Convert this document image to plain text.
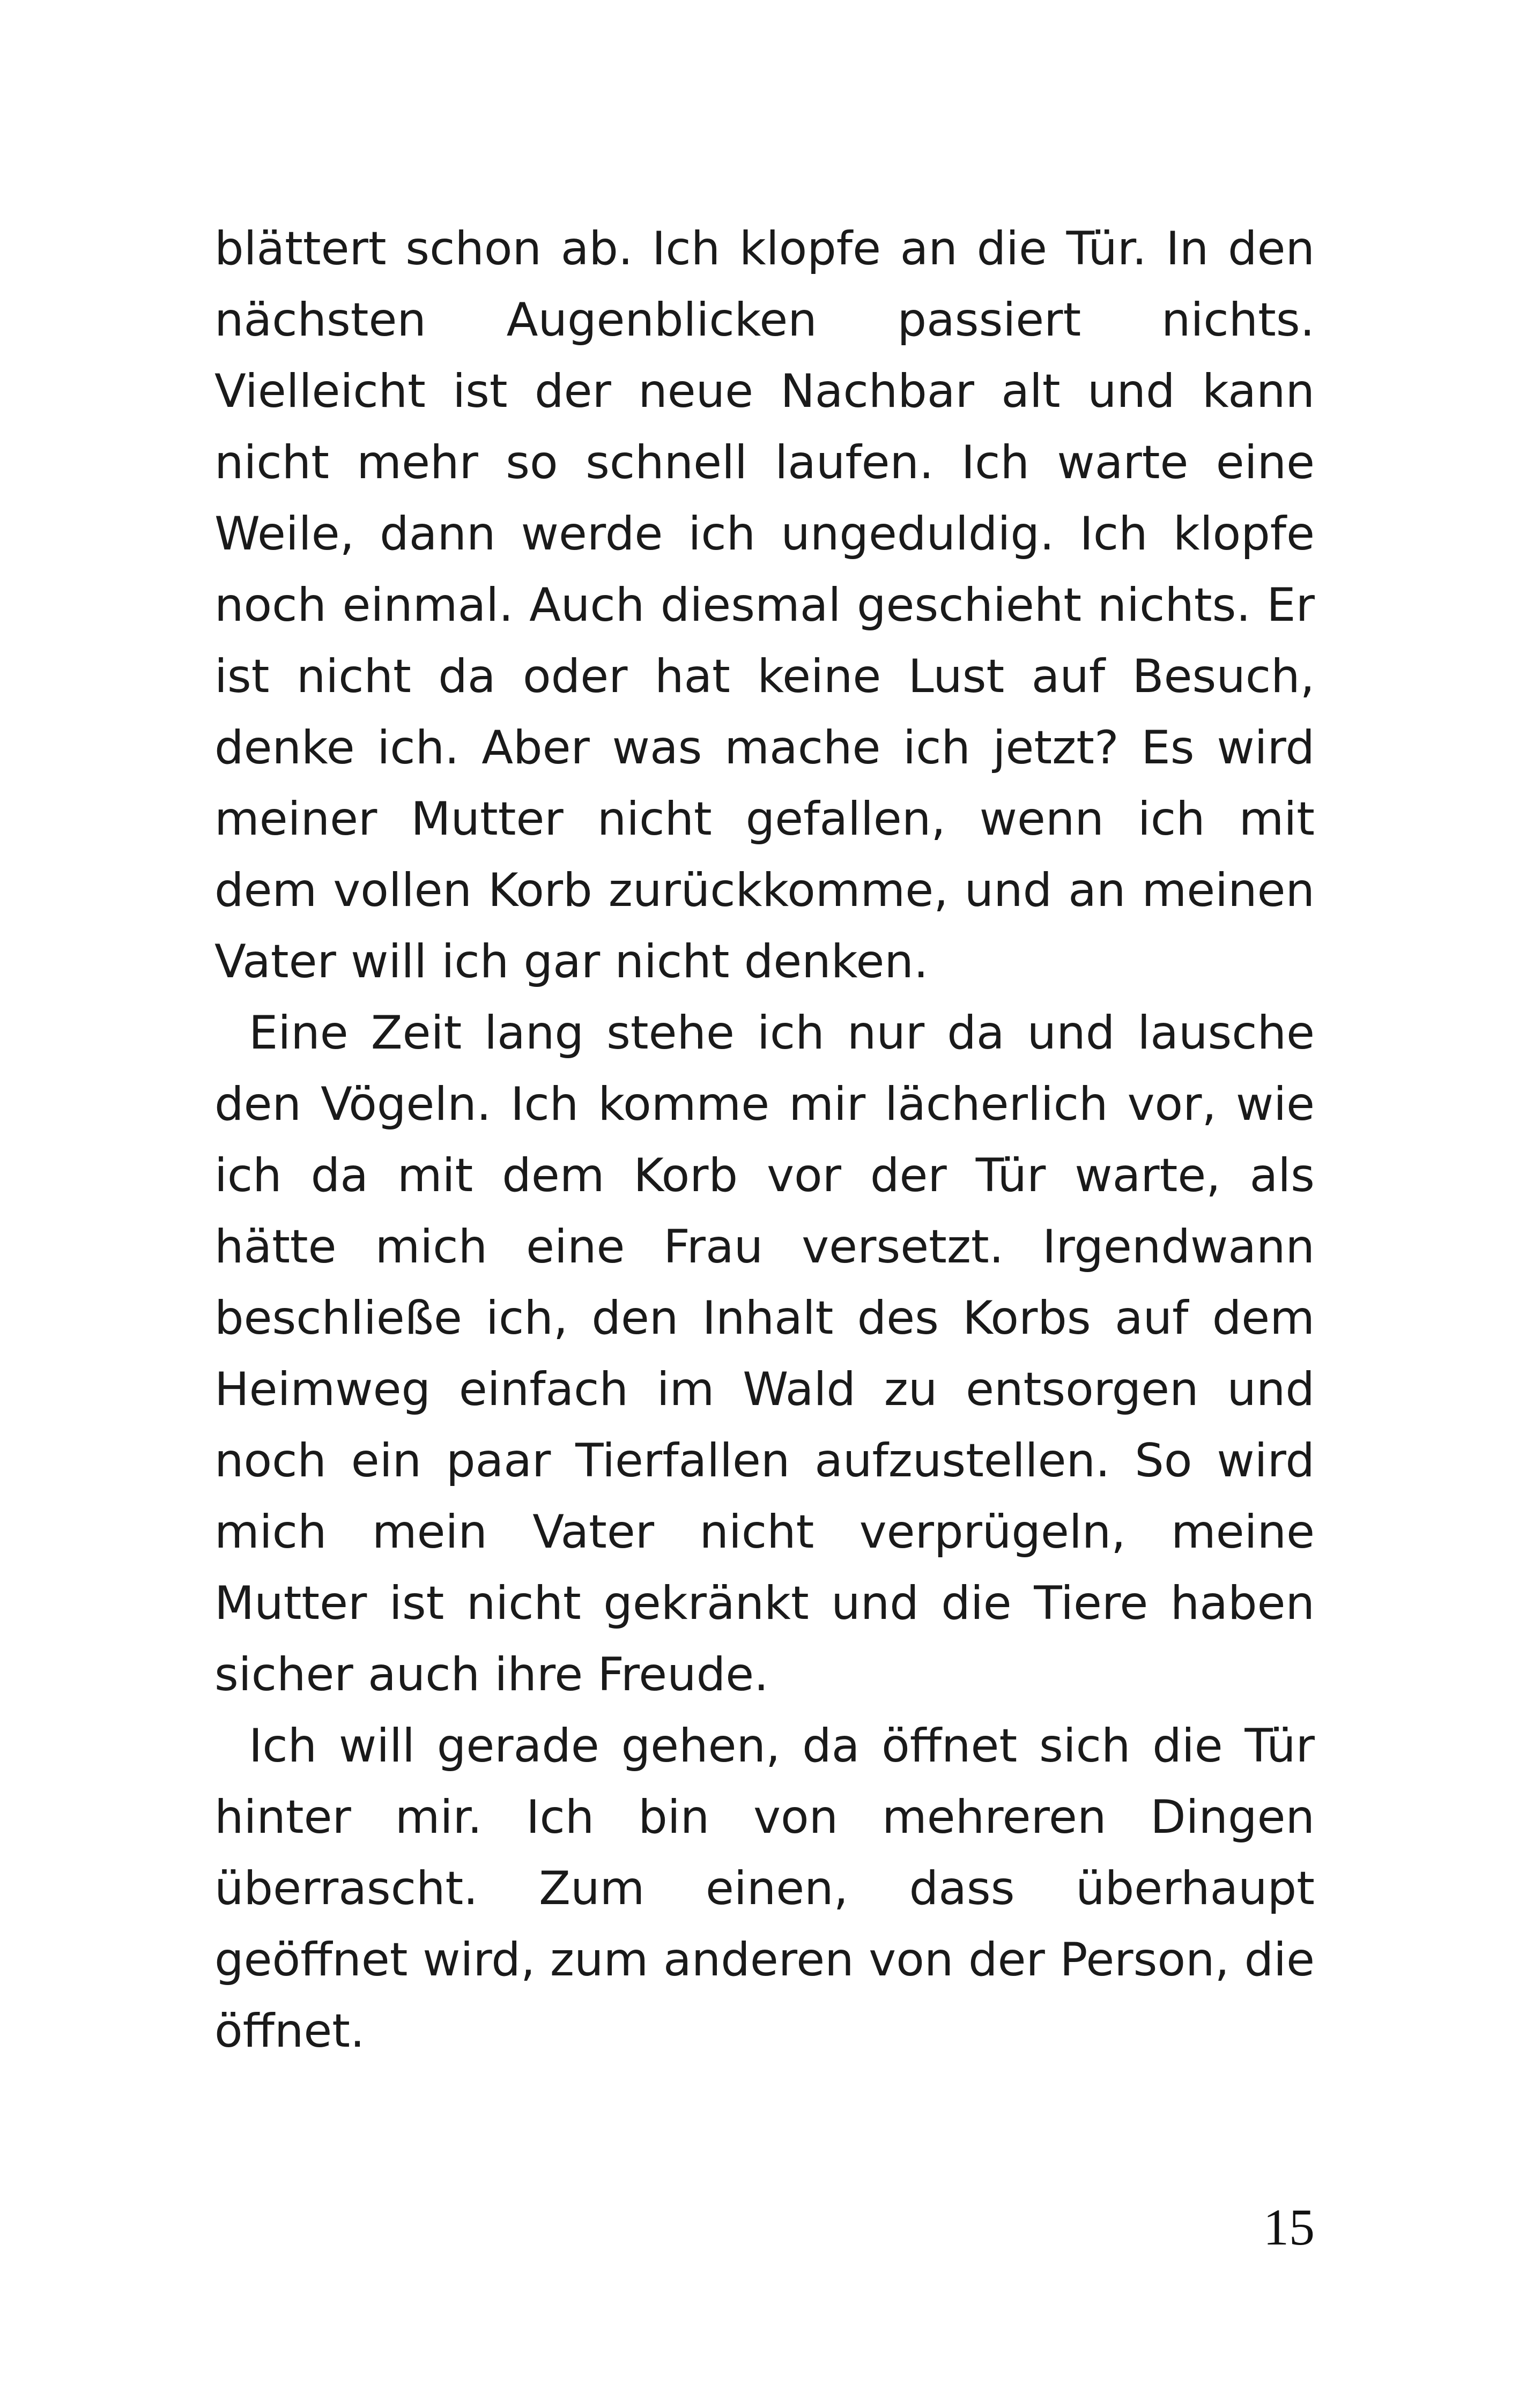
blättert schon ab. Ich klopfe an die Tür. In den nächsten Augenblicken passiert nichts. Vielleicht ist der neue Nachbar alt und kann nicht mehr so schnell laufen. Ich warte eine Weile, dann werde ich ungeduldig. Ich klopfe noch einmal. Auch diesmal geschieht nichts. Er ist nicht da oder hat keine Lust auf Besuch, denke ich. Aber was mache ich jetzt? Es wird meiner Mutter nicht gefallen, wenn ich mit dem vollen Korb zurückkomme, und an meinen Vater will ich gar nicht denken.

Eine Zeit lang stehe ich nur da und lausche den Vögeln. Ich komme mir lächerlich vor, wie ich da mit dem Korb vor der Tür warte, als hätte mich eine Frau versetzt. Irgendwann beschließe ich, den Inhalt des Korbs auf dem Heimweg einfach im Wald zu entsorgen und noch ein paar Tierfallen aufzustellen. So wird mich mein Vater nicht verprügeln, meine Mutter ist nicht gekränkt und die Tiere haben sicher auch ihre Freude.

Ich will gerade gehen, da öffnet sich die Tür hinter mir. Ich bin von mehreren Dingen überrascht. Zum einen, dass überhaupt geöffnet wird, zum anderen von der Person, die öffnet.

15
